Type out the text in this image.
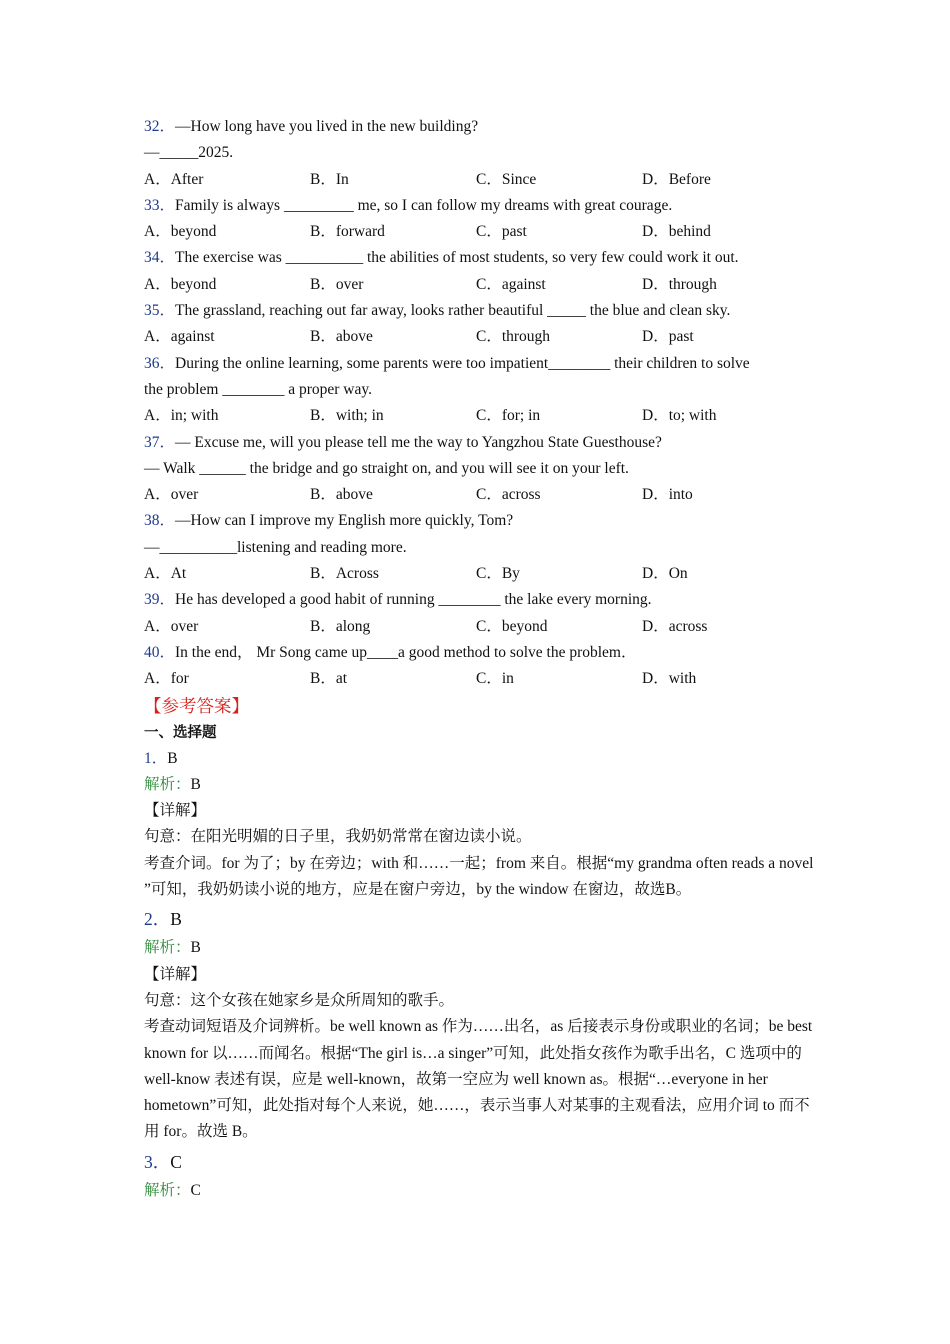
32．—How long have you lived in the new building?
—_____2025.
A．After	B．In	C．Since	D．Before
33．Family is always _________ me, so I can follow my dreams with great courage.
A．beyond	B．forward	C．past	D．behind
34．The exercise was __________ the abilities of most students, so very few could work it out.
A．beyond	B．over	C．against	D．through
35．The grassland, reaching out far away, looks rather beautiful _____ the blue and clean sky.
A．against	B．above	C．through	D．past
36．During the online learning, some parents were too impatient________ their children to solve
the problem ________ a proper way.
A．in; with	B．with; in	C．for; in	D．to; with
37．— Excuse me, will you please tell me the way to Yangzhou State Guesthouse?
— Walk ______ the bridge and go straight on, and you will see it on your left.
A．over	B．above	C．across	D．into
38．—How can I improve my English more quickly, Tom?
—__________listening and reading more.
A．At	B．Across	C．By	D．On
39．He has developed a good habit of running ________ the lake every morning.
A．over	B．along	C．beyond	D．across
40．In the end， Mr Song came up____a good method to solve the problem．
A．for	B．at	C．in	D．with
【参考答案】
一、选择题
1．B
解析：B
【详解】
句意：在阳光明媚的日子里，我奶奶常常在窗边读小说。
考查介词。for 为了；by 在旁边；with 和……一起；from 来自。根据“my grandma often reads a novel ”可知，我奶奶读小说的地方，应是在窗户旁边，by the window 在窗边，故选B。
2．B
解析：B
【详解】
句意：这个女孩在她家乡是众所周知的歌手。
考查动词短语及介词辨析。be well known as 作为……出名，as 后接表示身份或职业的名词；be best known for 以……而闻名。根据“The girl is…a singer”可知，此处指女孩作为歌手出名，C 选项中的 well-know 表述有误，应是 well-known，故第一空应为 well known as。根据“…everyone in her hometown”可知，此处指对每个人来说，她……，表示当事人对某事的主观看法，应用介词 to 而不用 for。故选 B。
3．C
解析：C
